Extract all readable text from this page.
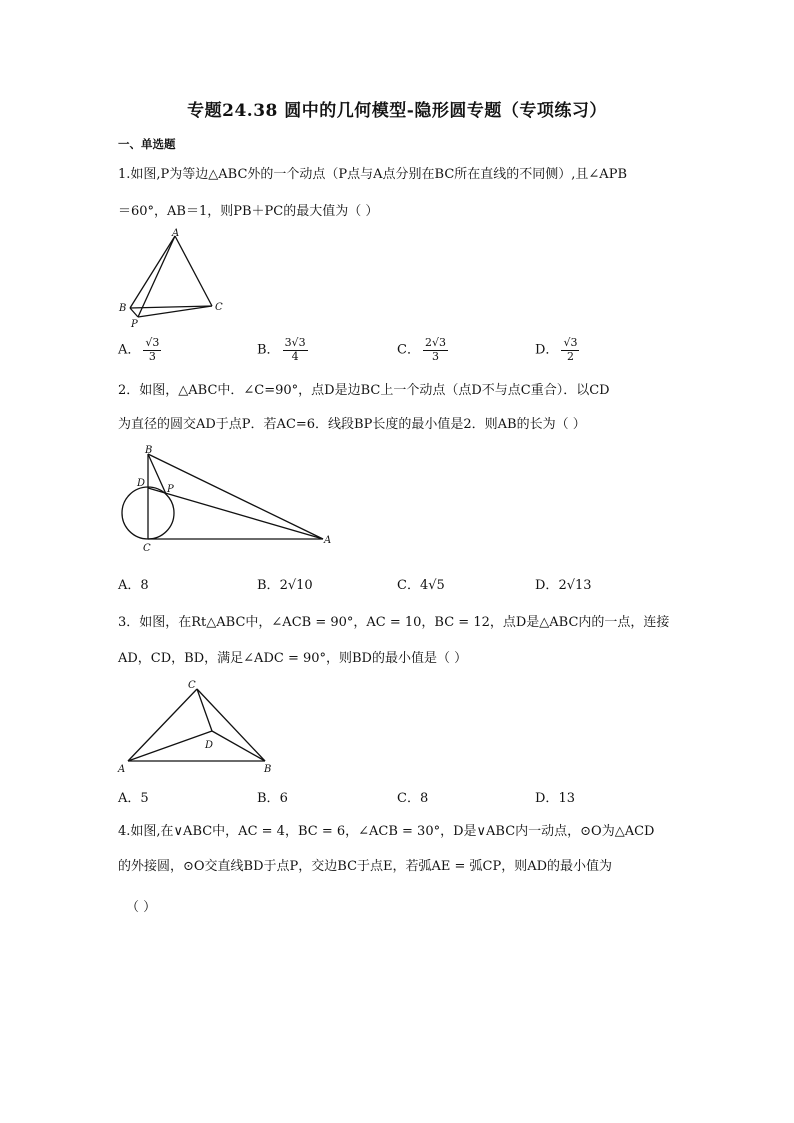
专题24.38 圆中的几何模型-隐形圆专题（专项练习）
一、单选题
1.如图,P为等边△ABC外的一个动点（P点与A点分别在BC所在直线的不同侧）,且∠APB
＝60°，AB＝1，则PB＋PC的最大值为（ ）
A
B	C
P
A． $\frac{√3}{3}$	B． $\frac{3√3}{4}$	C． $\frac{2√3}{3}$	D． $\frac{√3}{2}$
2．如图，△ABC中．∠C=90°，点D是边BC上一个动点（点D不与点C重合）．以CD
为直径的圆交AD于点P．若AC=6．线段BP长度的最小值是2．则AB的长为（ ）
B
D
P
C
A
A．8	B．2√10	C．4√5	D．2√13
3．如图，在Rt△ABC中，∠ACB = 90°，AC = 10，BC = 12，点D是△ABC内的一点，连接
AD，CD，BD，满足∠ADC = 90°，则BD的最小值是（ ）
C
D
A	B
A．5	B．6	C．8	D．13
4.如图,在∨ABC中，AC = 4，BC = 6，∠ACB = 30°，D是∨ABC内一动点，⊙O为△ACD
的外接圆，⊙O交直线BD于点P，交边BC于点E，若弧AE = 弧CP，则AD的最小值为
（ ）
